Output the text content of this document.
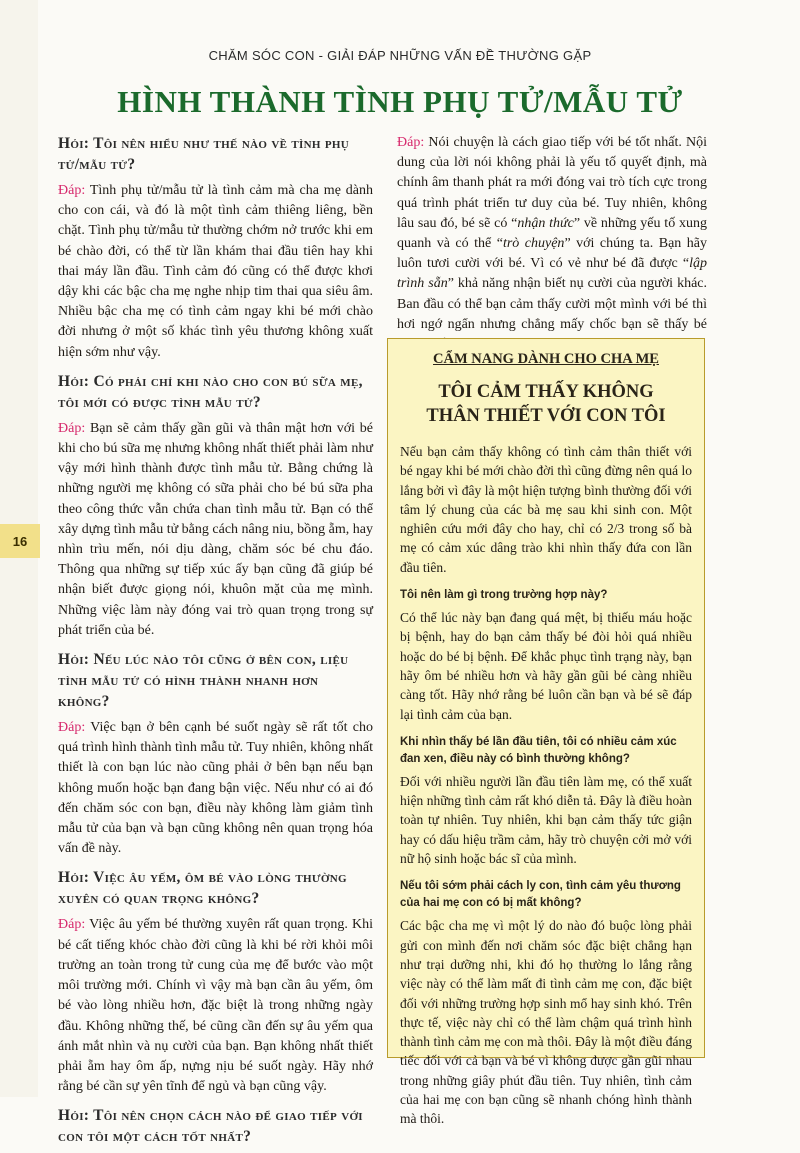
CHĂM SÓC CON - GIẢI ĐÁP NHỮNG VẤN ĐỀ THƯỜNG GẶP
HÌNH THÀNH TÌNH PHỤ TỬ/MẪU TỬ
16
Hỏi: Tôi nên hiểu như thế nào về tình phụ tử/mẫu tử?

Đáp: Tình phụ tử/mẫu tử là tình cảm mà cha mẹ dành cho con cái, và đó là một tình cảm thiêng liêng, bền chặt. Tình phụ tử/mẫu tử thường chớm nở trước khi em bé chào đời, có thể từ lần khám thai đầu tiên hay khi thai máy lần đầu. Tình cảm đó cũng có thể được khơi dậy khi các bậc cha mẹ nghe nhịp tim thai qua siêu âm. Nhiều bậc cha mẹ có tình cảm ngay khi bé mới chào đời nhưng ở một số khác tình yêu thương không xuất hiện sớm như vậy.

Hỏi: Có phải chỉ khi nào cho con bú sữa mẹ, tôi mới có được tình mẫu tử?

Đáp: Bạn sẽ cảm thấy gần gũi và thân mật hơn với bé khi cho bú sữa mẹ nhưng không nhất thiết phải làm như vậy mới hình thành được tình mẫu tử. Bằng chứng là những người mẹ không có sữa phải cho bé bú sữa pha theo công thức vẫn chứa chan tình mẫu tử. Bạn có thể xây dựng tình mẫu tử bằng cách nâng niu, bồng ẵm, hay nhìn trìu mến, nói dịu dàng, chăm sóc bé chu đáo. Thông qua những sự tiếp xúc ấy bạn cũng đã giúp bé nhận biết được giọng nói, khuôn mặt của mẹ mình. Những việc làm này đóng vai trò quan trọng trong sự phát triển của bé.

Hỏi: Nếu lúc nào tôi cũng ở bên con, liệu tình mẫu tử có hình thành nhanh hơn không?

Đáp: Việc bạn ở bên cạnh bé suốt ngày sẽ rất tốt cho quá trình hình thành tình mẫu tử. Tuy nhiên, không nhất thiết là con bạn lúc nào cũng phải ở bên bạn nếu bạn không muốn hoặc bạn đang bận việc. Nếu như có ai đó đến chăm sóc con bạn, điều này không làm giảm tình mẫu tử của bạn và bạn cũng không nên quan trọng hóa vấn đề này.

Hỏi: Việc âu yếm, ôm bé vào lòng thường xuyên có quan trọng không?

Đáp: Việc âu yếm bé thường xuyên rất quan trọng. Khi bé cất tiếng khóc chào đời cũng là khi bé rời khỏi môi trường an toàn trong tử cung của mẹ để bước vào một môi trường mới. Chính vì vậy mà bạn cần âu yếm, ôm bé vào lòng nhiều hơn, đặc biệt là trong những ngày đầu. Không những thế, bé cũng cần đến sự âu yếm qua ánh mắt nhìn và nụ cười của bạn. Bạn không nhất thiết phải ẵm hay ôm ấp, nựng nịu bé suốt ngày. Hãy nhớ rằng bé cần sự yên tĩnh để ngủ và bạn cũng vậy.

Hỏi: Tôi nên chọn cách nào để giao tiếp với con tôi một cách tốt nhất?

Đáp: Nói chuyện là cách giao tiếp với bé tốt nhất. Nội dung của lời nói không phải là yếu tố quyết định, mà chính âm thanh phát ra mới đóng vai trò tích cực trong quá trình phát triển tư duy của bé. Tuy nhiên, không lâu sau đó, bé sẽ có “nhận thức” về những yếu tố xung quanh và có thể “trò chuyện” với chúng ta. Bạn hãy luôn tươi cười với bé. Vì có vẻ như bé đã được “lập trình sẵn” khả năng nhận biết nụ cười của người khác. Ban đầu có thể bạn cảm thấy cười một mình với bé thì hơi ngớ ngẩn nhưng chẳng mấy chốc bạn sẽ thấy bé

CẨM NANG DÀNH CHO CHA MẸ
TÔI CẢM THẤY KHÔNG
THÂN THIẾT VỚI CON TÔI

Nếu bạn cảm thấy không có tình cảm thân thiết với bé ngay khi bé mới chào đời thì cũng đừng nên quá lo lắng bởi vì đây là một hiện tượng bình thường đối với tâm lý chung của các bà mẹ sau khi sinh con. Một nghiên cứu mới đây cho hay, chỉ có 2/3 trong số bà mẹ có cảm xúc dâng trào khi nhìn thấy đứa con lần đầu tiên.

Tôi nên làm gì trong trường hợp này?

Có thể lúc này bạn đang quá mệt, bị thiếu máu hoặc bị bệnh, hay do bạn cảm thấy bé đòi hỏi quá nhiều hoặc do bé bị bệnh. Để khắc phục tình trạng này, bạn hãy ôm bé nhiều hơn và hãy gần gũi bé càng nhiều càng tốt. Hãy nhớ rằng bé luôn cần bạn và bé sẽ đáp lại tình cảm của bạn.

Khi nhìn thấy bé lần đầu tiên, tôi có nhiều cảm xúc đan xen, điều này có bình thường không?

Đối với nhiều người lần đầu tiên làm mẹ, có thể xuất hiện những tình cảm rất khó diễn tả. Đây là điều hoàn toàn tự nhiên. Tuy nhiên, khi bạn cảm thấy tức giận hay có dấu hiệu trầm cảm, hãy trò chuyện cởi mở với nữ hộ sinh hoặc bác sĩ của mình.

Nếu tôi sớm phải cách ly con, tình cảm yêu thương của hai mẹ con có bị mất không?

Các bậc cha mẹ vì một lý do nào đó buộc lòng phải gửi con mình đến nơi chăm sóc đặc biệt chẳng hạn như trại dưỡng nhi, khi đó họ thường lo lắng rằng việc này có thể làm mất đi tình cảm mẹ con, đặc biệt đối với những trường hợp sinh mổ hay sinh khó. Trên thực tế, việc này chỉ có thể làm chậm quá trình hình thành tình cảm mẹ con mà thôi. Đây là một điều đáng tiếc đối với cả bạn và bé vì không được gần gũi nhau trong những giây phút đầu tiên. Tuy nhiên, tình cảm của hai mẹ con bạn cũng sẽ nhanh chóng hình thành mà thôi.
